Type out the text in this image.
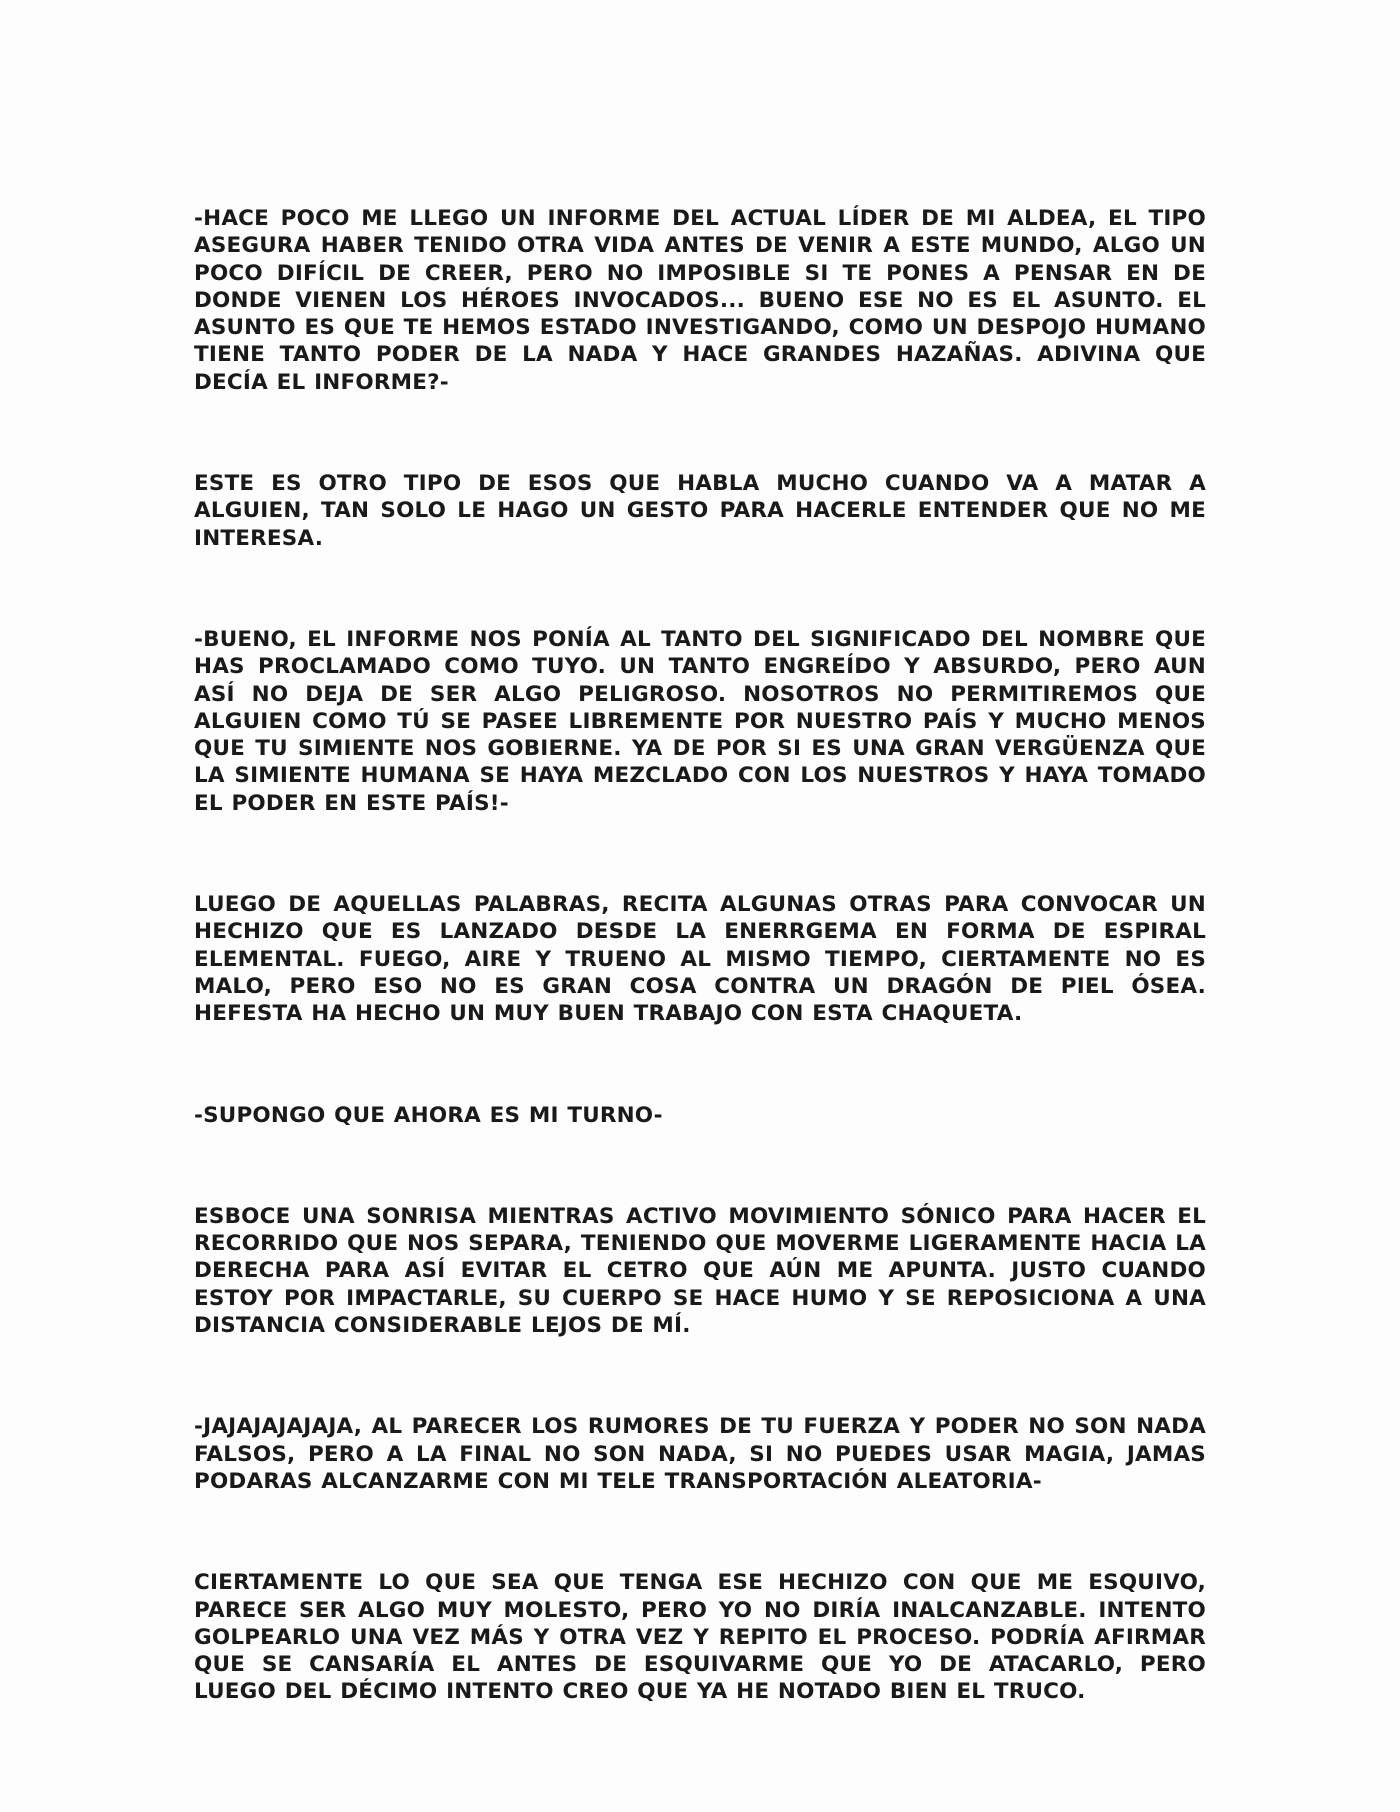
-HACE POCO ME LLEGO UN INFORME DEL ACTUAL LÍDER DE MI ALDEA, EL TIPO ASEGURA HABER TENIDO OTRA VIDA ANTES DE VENIR A ESTE MUNDO, ALGO UN POCO DIFÍCIL DE CREER, PERO NO IMPOSIBLE SI TE PONES A PENSAR EN DE DONDE VIENEN LOS HÉROES INVOCADOS... BUENO ESE NO ES EL ASUNTO. EL ASUNTO ES QUE TE HEMOS ESTADO INVESTIGANDO, COMO UN DESPOJO HUMANO TIENE TANTO PODER DE LA NADA Y HACE GRANDES HAZAÑAS. ADIVINA QUE DECÍA EL INFORME?-

ESTE ES OTRO TIPO DE ESOS QUE HABLA MUCHO CUANDO VA A MATAR A ALGUIEN, TAN SOLO LE HAGO UN GESTO PARA HACERLE ENTENDER QUE NO ME INTERESA.

-BUENO, EL INFORME NOS PONÍA AL TANTO DEL SIGNIFICADO DEL NOMBRE QUE HAS PROCLAMADO COMO TUYO. UN TANTO ENGREÍDO Y ABSURDO, PERO AUN ASÍ NO DEJA DE SER ALGO PELIGROSO. NOSOTROS NO PERMITIREMOS QUE ALGUIEN COMO TÚ SE PASEE LIBREMENTE POR NUESTRO PAÍS Y MUCHO MENOS QUE TU SIMIENTE NOS GOBIERNE. YA DE POR SI ES UNA GRAN VERGÜENZA QUE LA SIMIENTE HUMANA SE HAYA MEZCLADO CON LOS NUESTROS Y HAYA TOMADO EL PODER EN ESTE PAÍS!-

LUEGO DE AQUELLAS PALABRAS, RECITA ALGUNAS OTRAS PARA CONVOCAR UN HECHIZO QUE ES LANZADO DESDE LA ENERRGEMA EN FORMA DE ESPIRAL ELEMENTAL. FUEGO, AIRE Y TRUENO AL MISMO TIEMPO, CIERTAMENTE NO ES MALO, PERO ESO NO ES GRAN COSA CONTRA UN DRAGÓN DE PIEL ÓSEA. HEFESTA HA HECHO UN MUY BUEN TRABAJO CON ESTA CHAQUETA.

-SUPONGO QUE AHORA ES MI TURNO-

ESBOCE UNA SONRISA MIENTRAS ACTIVO MOVIMIENTO SÓNICO PARA HACER EL RECORRIDO QUE NOS SEPARA, TENIENDO QUE MOVERME LIGERAMENTE HACIA LA DERECHA PARA ASÍ EVITAR EL CETRO QUE AÚN ME APUNTA. JUSTO CUANDO ESTOY POR IMPACTARLE, SU CUERPO SE HACE HUMO Y SE REPOSICIONA A UNA DISTANCIA CONSIDERABLE LEJOS DE MÍ.

-JAJAJAJAJAJA, AL PARECER LOS RUMORES DE TU FUERZA Y PODER NO SON NADA FALSOS, PERO A LA FINAL NO SON NADA, SI NO PUEDES USAR MAGIA, JAMAS PODARAS ALCANZARME CON MI TELE TRANSPORTACIÓN ALEATORIA-

CIERTAMENTE LO QUE SEA QUE TENGA ESE HECHIZO CON QUE ME ESQUIVO, PARECE SER ALGO MUY MOLESTO, PERO YO NO DIRÍA INALCANZABLE. INTENTO GOLPEARLO UNA VEZ MÁS Y OTRA VEZ Y REPITO EL PROCESO. PODRÍA AFIRMAR QUE SE CANSARÍA EL ANTES DE ESQUIVARME QUE YO DE ATACARLO, PERO LUEGO DEL DÉCIMO INTENTO CREO QUE YA HE NOTADO BIEN EL TRUCO.
